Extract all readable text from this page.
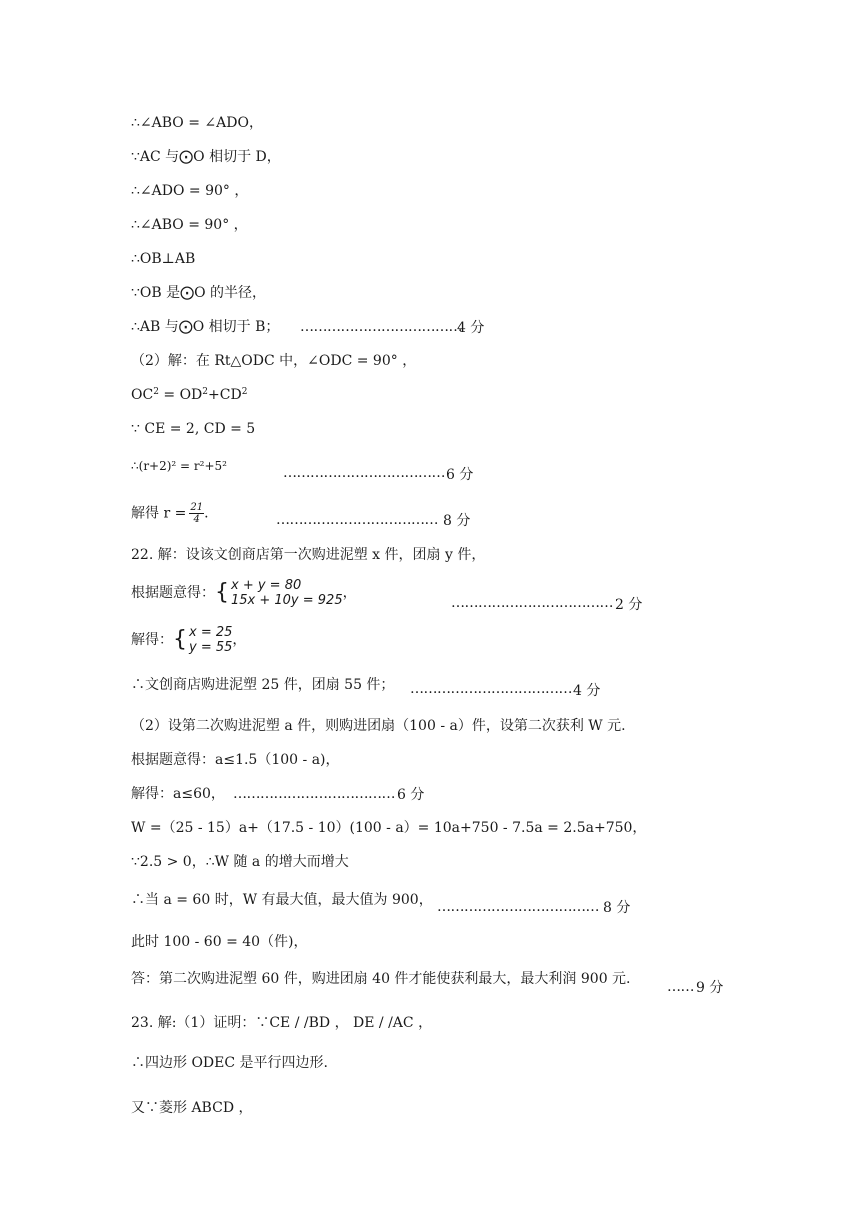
∴∠ABO = ∠ADO，
∵AC 与⨀O 相切于 D，
∴∠ADO = 90° ，
∴∠ABO = 90° ，
∴OB⊥AB
∵OB 是⨀O 的半径，
∴AB 与⨀O 相切于 B； ………………………………
4 分
（2）解：在 Rt△ODC 中，∠ODC = 90° ，
$OC^2 = OD^2+CD^2$
∵ CE = 2, CD = 5
∴(r+2)² = r²+5²	……………………………… 6 分
解得 $r = \frac{21}{4}$ .	……………………………… 8 分
22. 解：设该文创商店第一次购进泥塑 x 件，团扇 y 件，
根据题意得：{ x + y = 80
15x + 10y = 925 ，
……………………………… 2 分
解得：{ x = 25
y = 55 ，
∴文创商店购进泥塑 25 件，团扇 55 件； ……………………………… 4 分
（2）设第二次购进泥塑 a 件，则购进团扇（100 - a）件，设第二次获利 W 元.
根据题意得：a≤1.5（100 - a)，
解得：a≤60， ……………………………… 6 分
W =（25 - 15）a+（17.5 - 10）(100 - a）= 10a+750 - 7.5a = 2.5a+750，
∵2.5 > 0，∴W 随 a 的增大而增大
∴当 a = 60 时，W 有最大值，最大值为 900， ……………………………… 8 分
此时 100 - 60 = 40（件)，
答：第二次购进泥塑 60 件，购进团扇 40 件才能使获利最大，最大利润 900 元.	…… 9 分
23. 解:（1）证明：∵CE / /BD ， DE / /AC ，
∴四边形 ODEC 是平行四边形.
又∵菱形 ABCD ，
